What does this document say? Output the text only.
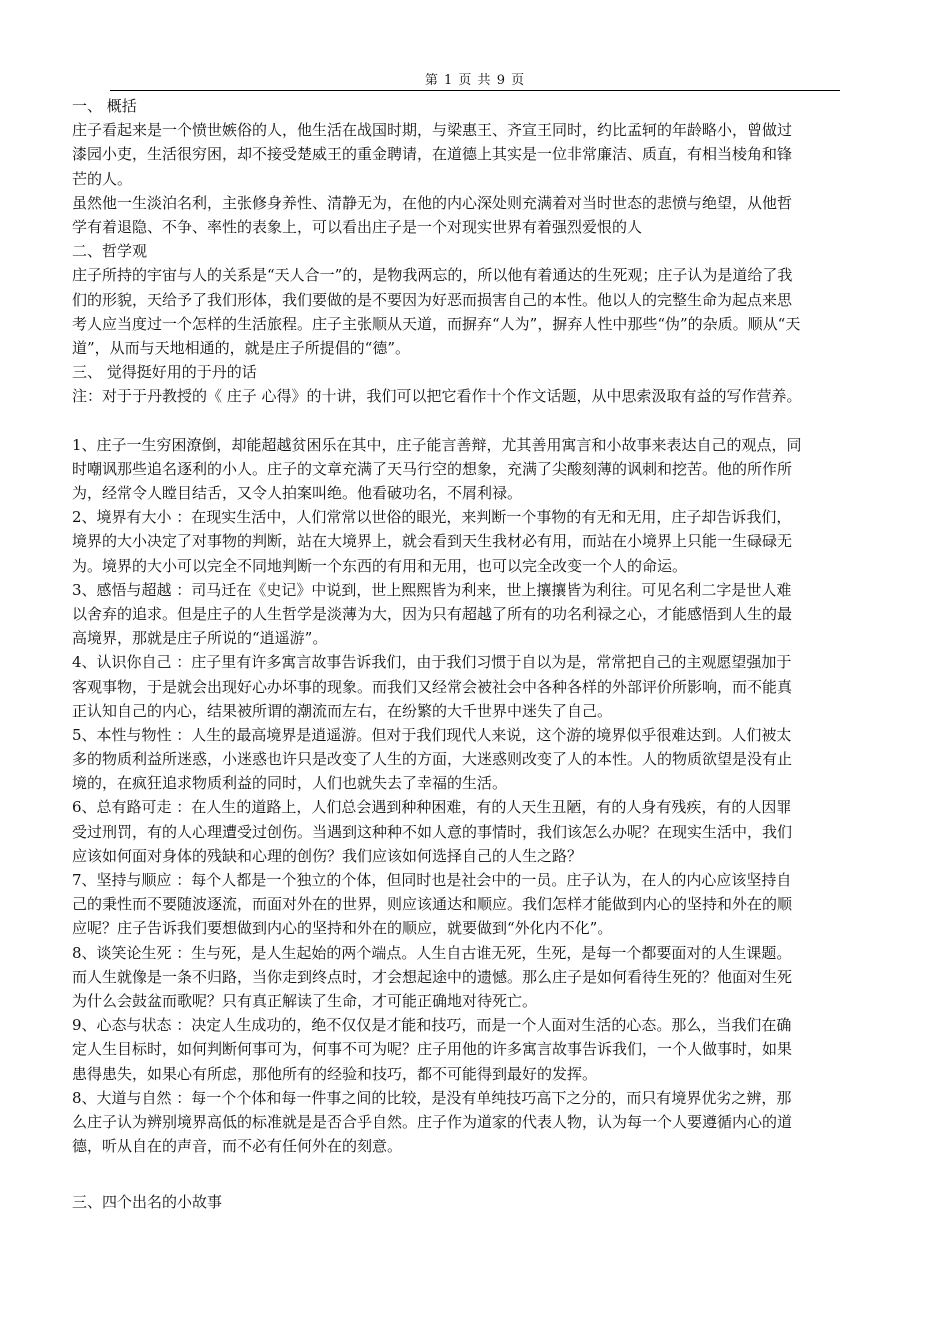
第 1 页 共 9 页
一、 概括
庄子看起来是一个愤世嫉俗的人，他生活在战国时期，与梁惠王、齐宣王同时，约比孟轲的年龄略小，曾做过
漆园小吏，生活很穷困，却不接受楚威王的重金聘请，在道德上其实是一位非常廉洁、质直，有相当棱角和锋
芒的人。
虽然他一生淡泊名利，主张修身养性、清静无为，在他的内心深处则充满着对当时世态的悲愤与绝望，从他哲
学有着退隐、不争、率性的表象上，可以看出庄子是一个对现实世界有着强烈爱恨的人
二、哲学观
庄子所持的宇宙与人的关系是“天人合一”的，是物我两忘的，所以他有着通达的生死观；庄子认为是道给了我
们的形貌，天给予了我们形体，我们要做的是不要因为好恶而损害自己的本性。他以人的完整生命为起点来思
考人应当度过一个怎样的生活旅程。庄子主张顺从天道，而摒弃“人为”，摒弃人性中那些“伪”的杂质。顺从“天
道”，从而与天地相通的，就是庄子所提倡的“德”。
三、 觉得挺好用的于丹的话
注：对于于丹教授的《 庄子 心得》的十讲，我们可以把它看作十个作文话题，从中思索汲取有益的写作营养。
1、庄子一生穷困潦倒，却能超越贫困乐在其中，庄子能言善辩，尤其善用寓言和小故事来表达自己的观点，同
时嘲讽那些追名逐利的小人。庄子的文章充满了天马行空的想象，充满了尖酸刻薄的讽刺和挖苦。他的所作所
为，经常令人瞠目结舌，又令人拍案叫绝。他看破功名，不屑利禄。
2、境界有大小 ：在现实生活中，人们常常以世俗的眼光，来判断一个事物的有无和无用，庄子却告诉我们，
境界的大小决定了对事物的判断，站在大境界上，就会看到天生我材必有用，而站在小境界上只能一生碌碌无
为。境界的大小可以完全不同地判断一个东西的有用和无用，也可以完全改变一个人的命运。
3、感悟与超越 ：司马迁在《史记》中说到，世上熙熙皆为利来，世上攘攘皆为利往。可见名利二字是世人难
以舍弃的追求。但是庄子的人生哲学是淡薄为大，因为只有超越了所有的功名利禄之心，才能感悟到人生的最
高境界，那就是庄子所说的“逍遥游”。
4、认识你自己 ：庄子里有许多寓言故事告诉我们，由于我们习惯于自以为是，常常把自己的主观愿望强加于
客观事物，于是就会出现好心办坏事的现象。而我们又经常会被社会中各种各样的外部评价所影响，而不能真
正认知自己的内心，结果被所谓的潮流而左右，在纷繁的大千世界中迷失了自己。
5、本性与物性 ：人生的最高境界是逍遥游。但对于我们现代人来说，这个游的境界似乎很难达到。人们被太
多的物质利益所迷惑，小迷惑也许只是改变了人生的方面，大迷惑则改变了人的本性。人的物质欲望是没有止
境的，在疯狂追求物质利益的同时，人们也就失去了幸福的生活。
6、总有路可走 ：在人生的道路上，人们总会遇到种种困难，有的人天生丑陋，有的人身有残疾，有的人因罪
受过刑罚，有的人心理遭受过创伤。当遇到这种种不如人意的事情时，我们该怎么办呢？在现实生活中，我们
应该如何面对身体的残缺和心理的创伤？我们应该如何选择自己的人生之路？
7、坚持与顺应 ：每个人都是一个独立的个体，但同时也是社会中的一员。庄子认为，在人的内心应该坚持自
己的秉性而不要随波逐流，而面对外在的世界，则应该通达和顺应。我们怎样才能做到内心的坚持和外在的顺
应呢？庄子告诉我们要想做到内心的坚持和外在的顺应，就要做到“外化内不化”。
8、谈笑论生死 ：生与死，是人生起始的两个端点。人生自古谁无死，生死，是每一个都要面对的人生课题。
而人生就像是一条不归路，当你走到终点时，才会想起途中的遗憾。那么庄子是如何看待生死的？他面对生死
为什么会鼓盆而歌呢？只有真正解读了生命，才可能正确地对待死亡。
9、心态与状态 ：决定人生成功的，绝不仅仅是才能和技巧，而是一个人面对生活的心态。那么，当我们在确
定人生目标时，如何判断何事可为，何事不可为呢？庄子用他的许多寓言故事告诉我们，一个人做事时，如果
患得患失，如果心有所虑，那他所有的经验和技巧，都不可能得到最好的发挥。
8、大道与自然 ：每一个个体和每一件事之间的比较，是没有单纯技巧高下之分的，而只有境界优劣之辨，那
么庄子认为辨别境界高低的标准就是是否合乎自然。庄子作为道家的代表人物，认为每一个人要遵循内心的道
德，听从自在的声音，而不必有任何外在的刻意。
三、四个出名的小故事
